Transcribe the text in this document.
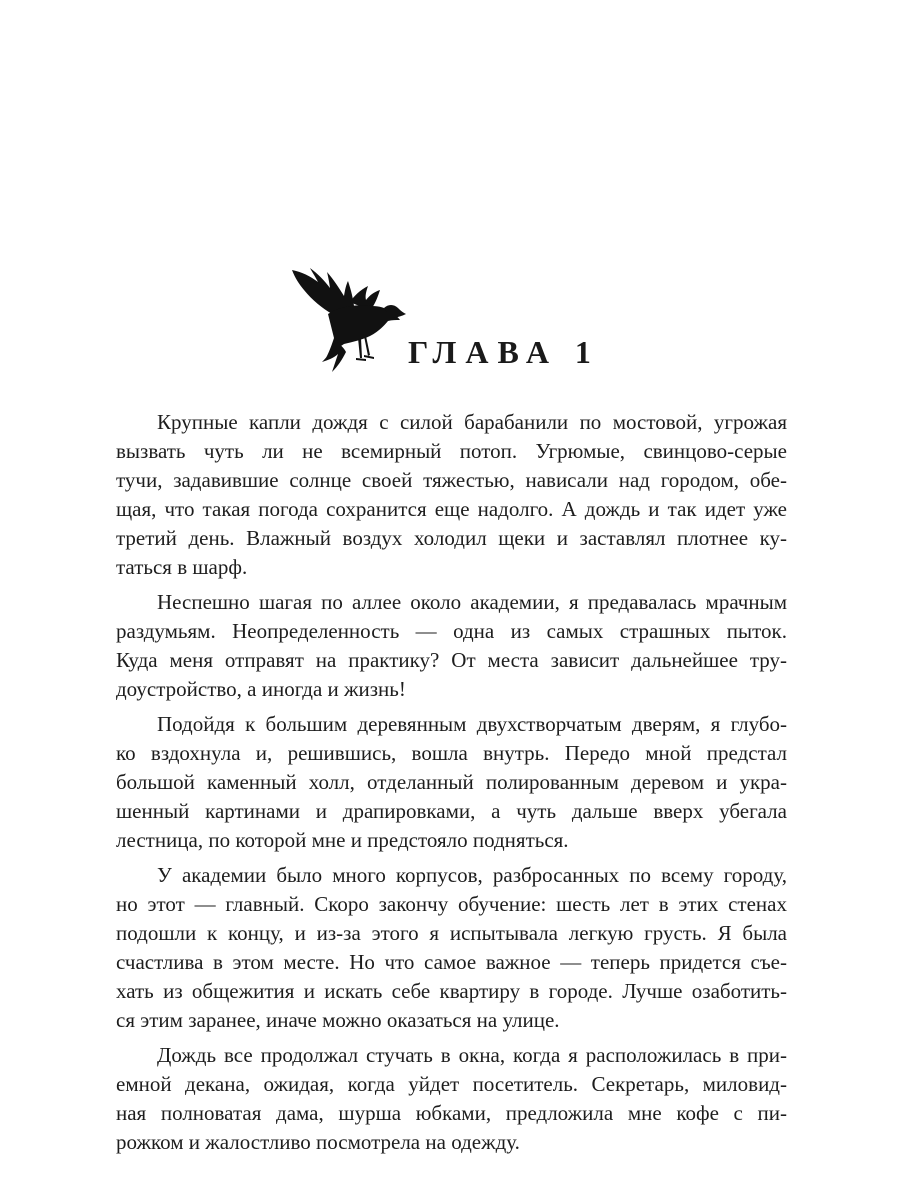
ГЛАВА 1

Крупные капли дождя с силой барабанили по мостовой, угрожая
вызвать чуть ли не всемирный потоп. Угрюмые, свинцово-серые
тучи, задавившие солнце своей тяжестью, нависали над городом, обе-
щая, что такая погода сохранится еще надолго. А дождь и так идет уже
третий день. Влажный воздух холодил щеки и заставлял плотнее ку-
таться в шарф.

Неспешно шагая по аллее около академии, я предавалась мрачным
раздумьям. Неопределенность — одна из самых страшных пыток.
Куда меня отправят на практику? От места зависит дальнейшее тру-
доустройство, а иногда и жизнь!

Подойдя к большим деревянным двухстворчатым дверям, я глубо-
ко вздохнула и, решившись, вошла внутрь. Передо мной предстал
большой каменный холл, отделанный полированным деревом и укра-
шенный картинами и драпировками, а чуть дальше вверх убегала
лестница, по которой мне и предстояло подняться.

У академии было много корпусов, разбросанных по всему городу,
но этот — главный. Скоро закончу обучение: шесть лет в этих стенах
подошли к концу, и из-за этого я испытывала легкую грусть. Я была
счастлива в этом месте. Но что самое важное — теперь придется съе-
хать из общежития и искать себе квартиру в городе. Лучше озаботить-
ся этим заранее, иначе можно оказаться на улице.

Дождь все продолжал стучать в окна, когда я расположилась в при-
емной декана, ожидая, когда уйдет посетитель. Секретарь, миловид-
ная полноватая дама, шурша юбками, предложила мне кофе с пи-
рожком и жалостливо посмотрела на одежду.
